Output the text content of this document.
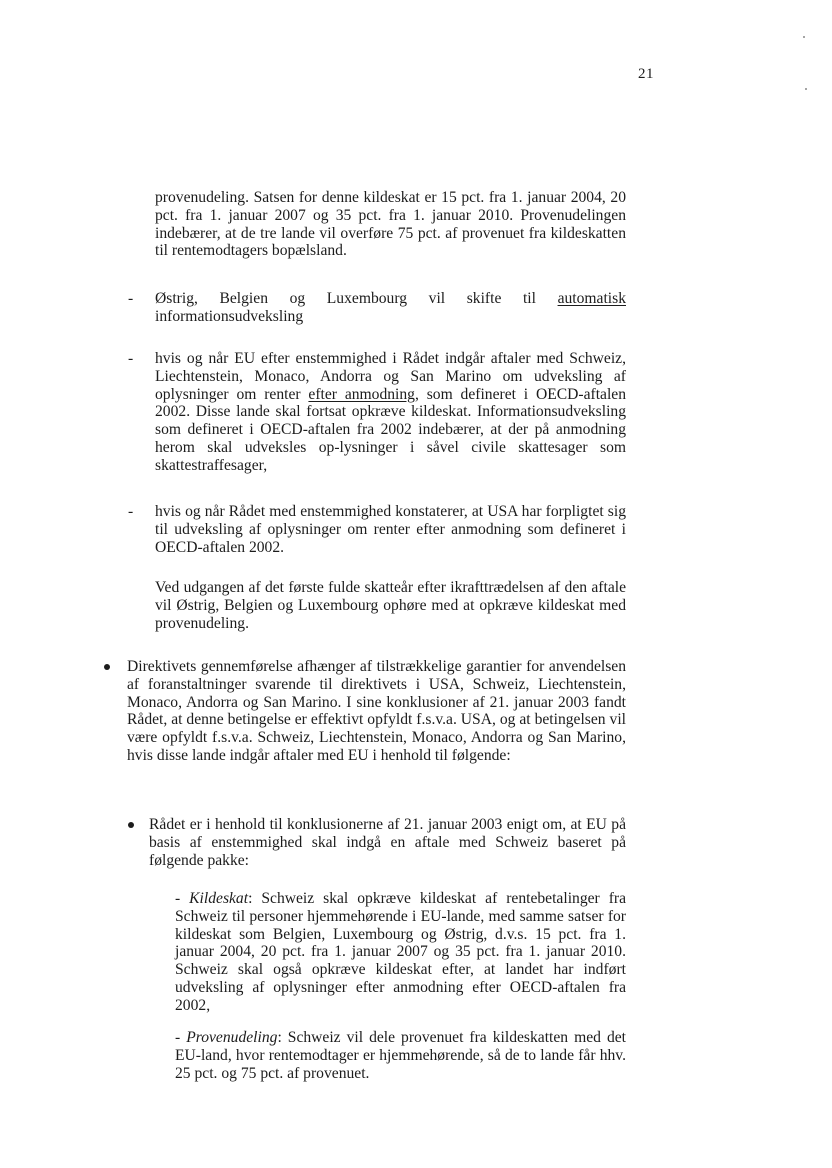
21

provenudeling. Satsen for denne kildeskat er 15 pct. fra 1. januar 2004, 20 pct. fra 1. januar 2007 og 35 pct. fra 1. januar 2010. Provenudelingen indebærer, at de tre lande vil overføre 75 pct. af provenuet fra kildeskatten til rentemodtagers bopælsland.

- Østrig, Belgien og Luxembourg vil skifte til automatisk informationsudveksling

- hvis og når EU efter enstemmighed i Rådet indgår aftaler med Schweiz, Liechtenstein, Monaco, Andorra og San Marino om udveksling af oplysninger om renter efter anmodning, som defineret i OECD-aftalen 2002. Disse lande skal fortsat opkræve kildeskat. Informationsudveksling som defineret i OECD-aftalen fra 2002 indebærer, at der på anmodning herom skal udveksles op-lysninger i såvel civile skattesager som skattestraffesager,

- hvis og når Rådet med enstemmighed konstaterer, at USA har forpligtet sig til udveksling af oplysninger om renter efter anmodning som defineret i OECD-aftalen 2002.

Ved udgangen af det første fulde skatteår efter ikrafttrædelsen af den aftale vil Østrig, Belgien og Luxembourg ophøre med at opkræve kildeskat med provenudeling.

Direktivets gennemførelse afhænger af tilstrækkelige garantier for anvendelsen af foranstaltninger svarende til direktivets i USA, Schweiz, Liechtenstein, Monaco, Andorra og San Marino. I sine konklusioner af 21. januar 2003 fandt Rådet, at denne betingelse er effektivt opfyldt f.s.v.a. USA, og at betingelsen vil være opfyldt f.s.v.a. Schweiz, Liechtenstein, Monaco, Andorra og San Marino, hvis disse lande indgår aftaler med EU i henhold til følgende:

Rådet er i henhold til konklusionerne af 21. januar 2003 enigt om, at EU på basis af enstemmighed skal indgå en aftale med Schweiz baseret på følgende pakke:

- Kildeskat: Schweiz skal opkræve kildeskat af rentebetalinger fra Schweiz til personer hjemmehørende i EU-lande, med samme satser for kildeskat som Belgien, Luxembourg og Østrig, d.v.s. 15 pct. fra 1. januar 2004, 20 pct. fra 1. januar 2007 og 35 pct. fra 1. januar 2010. Schweiz skal også opkræve kildeskat efter, at landet har indført udveksling af oplysninger efter anmodning efter OECD-aftalen fra 2002,

- Provenudeling: Schweiz vil dele provenuet fra kildeskatten med det EU-land, hvor rentemodtager er hjemmehørende, så de to lande får hhv. 25 pct. og 75 pct. af provenuet.
